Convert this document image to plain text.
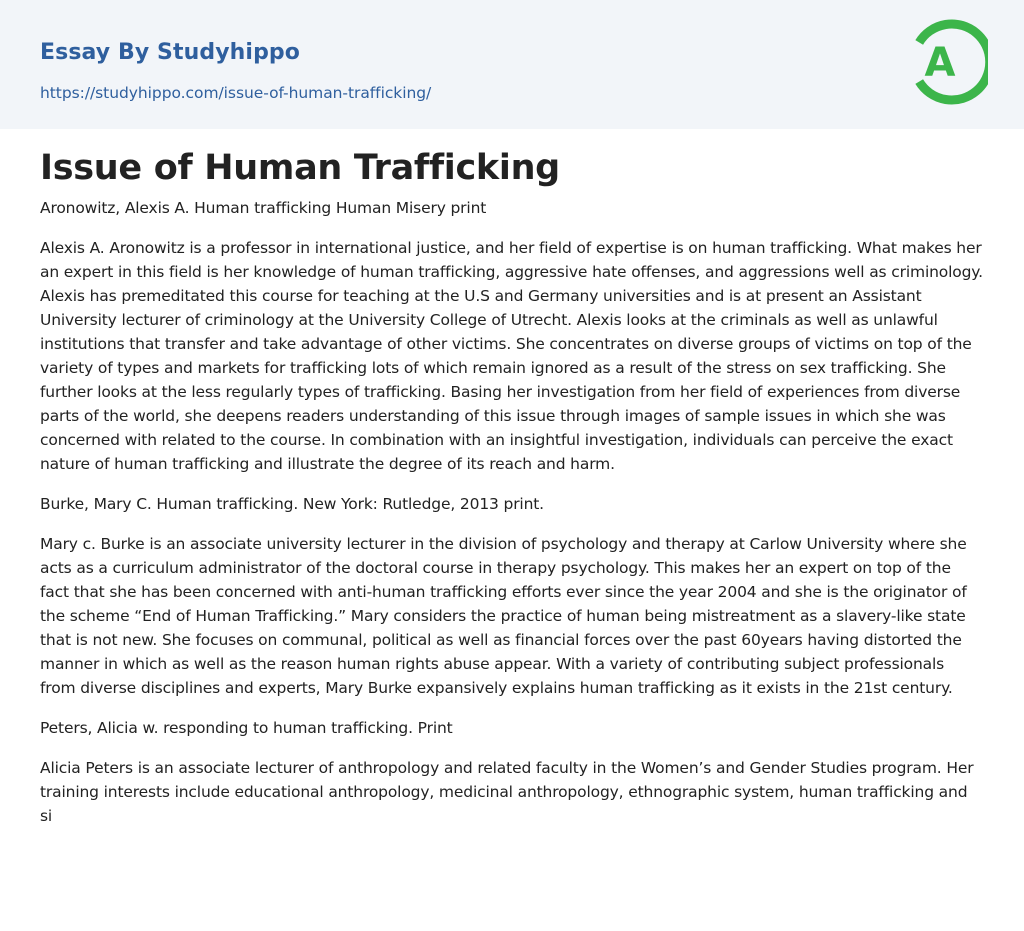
Essay By Studyhippo
https://studyhippo.com/issue-of-human-trafficking/
A
Issue of Human Trafficking

Aronowitz, Alexis A. Human trafficking Human Misery print

Alexis A. Aronowitz is a professor in international justice, and her field of expertise is on human trafficking. What makes her an expert in this field is her knowledge of human trafficking, aggressive hate offenses, and aggressions well as criminology. Alexis has premeditated this course for teaching at the U.S and Germany universities and is at present an Assistant University lecturer of criminology at the University College of Utrecht. Alexis looks at the criminals as well as unlawful institutions that transfer and take advantage of other victims. She concentrates on diverse groups of victims on top of the variety of types and markets for trafficking lots of which remain ignored as a result of the stress on sex trafficking. She further looks at the less regularly types of trafficking. Basing her investigation from her field of experiences from diverse parts of the world, she deepens readers understanding of this issue through images of sample issues in which she was concerned with related to the course. In combination with an insightful investigation, individuals can perceive the exact nature of human trafficking and illustrate the degree of its reach and harm.

Burke, Mary C. Human trafficking. New York: Rutledge, 2013 print.

Mary c. Burke is an associate university lecturer in the division of psychology and therapy at Carlow University where she acts as a curriculum administrator of the doctoral course in therapy psychology. This makes her an expert on top of the fact that she has been concerned with anti-human trafficking efforts ever since the year 2004 and she is the originator of the scheme “End of Human Trafficking.” Mary considers the practice of human being mistreatment as a slavery-like state that is not new. She focuses on communal, political as well as financial forces over the past 60years having distorted the manner in which as well as the reason human rights abuse appear. With a variety of contributing subject professionals from diverse disciplines and experts, Mary Burke expansively explains human trafficking as it exists in the 21st century.

Peters, Alicia w. responding to human trafficking. Print

Alicia Peters is an associate lecturer of anthropology and related faculty in the Women’s and Gender Studies program. Her training interests include educational anthropology, medicinal anthropology, ethnographic system, human trafficking and si
